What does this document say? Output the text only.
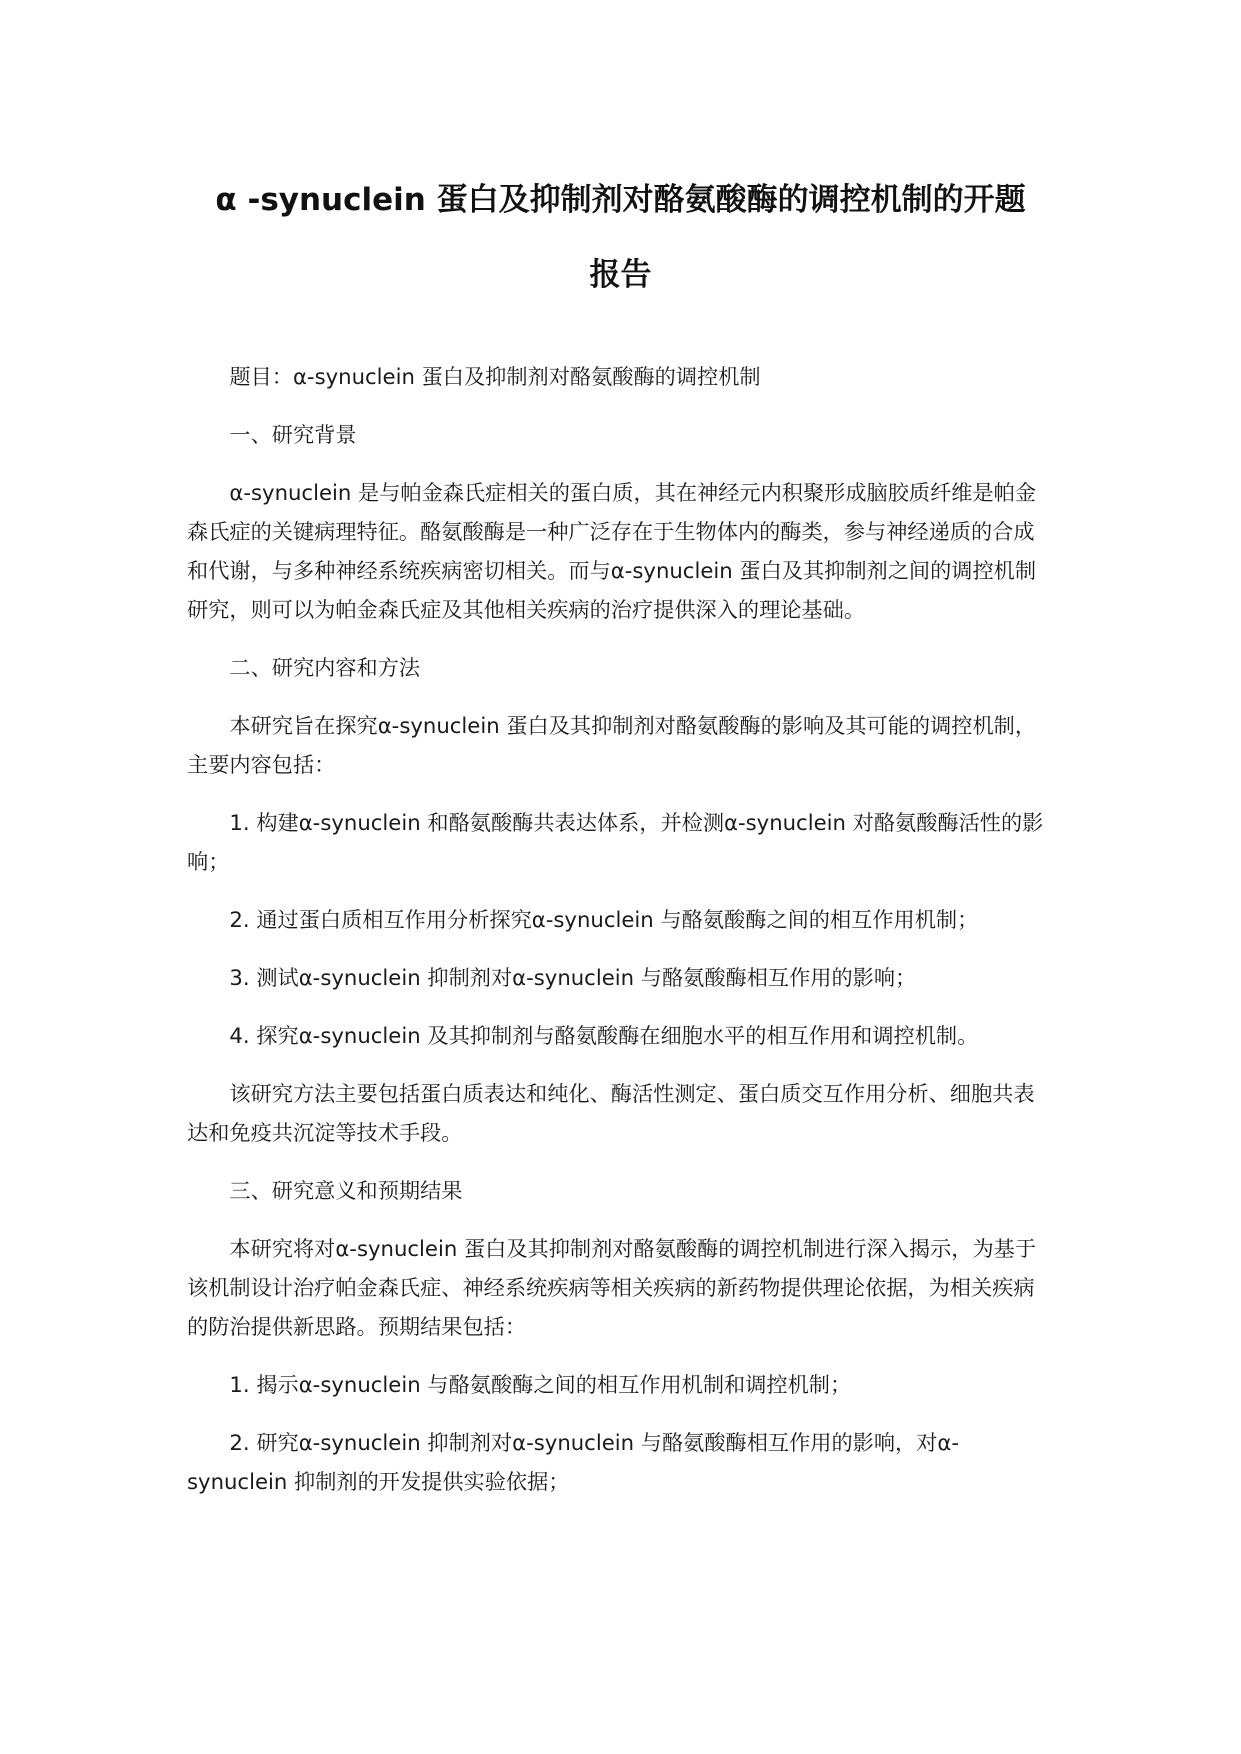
α -synuclein 蛋白及抑制剂对酪氨酸酶的调控机制的开题
报告

题目：α-synuclein 蛋白及抑制剂对酪氨酸酶的调控机制

一、研究背景

α-synuclein 是与帕金森氏症相关的蛋白质，其在神经元内积聚形成脑胶质纤维是帕金森氏症的关键病理特征。酪氨酸酶是一种广泛存在于生物体内的酶类，参与神经递质的合成和代谢，与多种神经系统疾病密切相关。而与α-synuclein 蛋白及其抑制剂之间的调控机制研究，则可以为帕金森氏症及其他相关疾病的治疗提供深入的理论基础。

二、研究内容和方法

本研究旨在探究α-synuclein 蛋白及其抑制剂对酪氨酸酶的影响及其可能的调控机制，主要内容包括：

1. 构建α-synuclein 和酪氨酸酶共表达体系，并检测α-synuclein 对酪氨酸酶活性的影响；

2. 通过蛋白质相互作用分析探究α-synuclein 与酪氨酸酶之间的相互作用机制；

3. 测试α-synuclein 抑制剂对α-synuclein 与酪氨酸酶相互作用的影响；

4. 探究α-synuclein 及其抑制剂与酪氨酸酶在细胞水平的相互作用和调控机制。

该研究方法主要包括蛋白质表达和纯化、酶活性测定、蛋白质交互作用分析、细胞共表达和免疫共沉淀等技术手段。

三、研究意义和预期结果

本研究将对α-synuclein 蛋白及其抑制剂对酪氨酸酶的调控机制进行深入揭示，为基于该机制设计治疗帕金森氏症、神经系统疾病等相关疾病的新药物提供理论依据，为相关疾病的防治提供新思路。预期结果包括：

1. 揭示α-synuclein 与酪氨酸酶之间的相互作用机制和调控机制；

2. 研究α-synuclein 抑制剂对α-synuclein 与酪氨酸酶相互作用的影响，对α-synuclein 抑制剂的开发提供实验依据；
